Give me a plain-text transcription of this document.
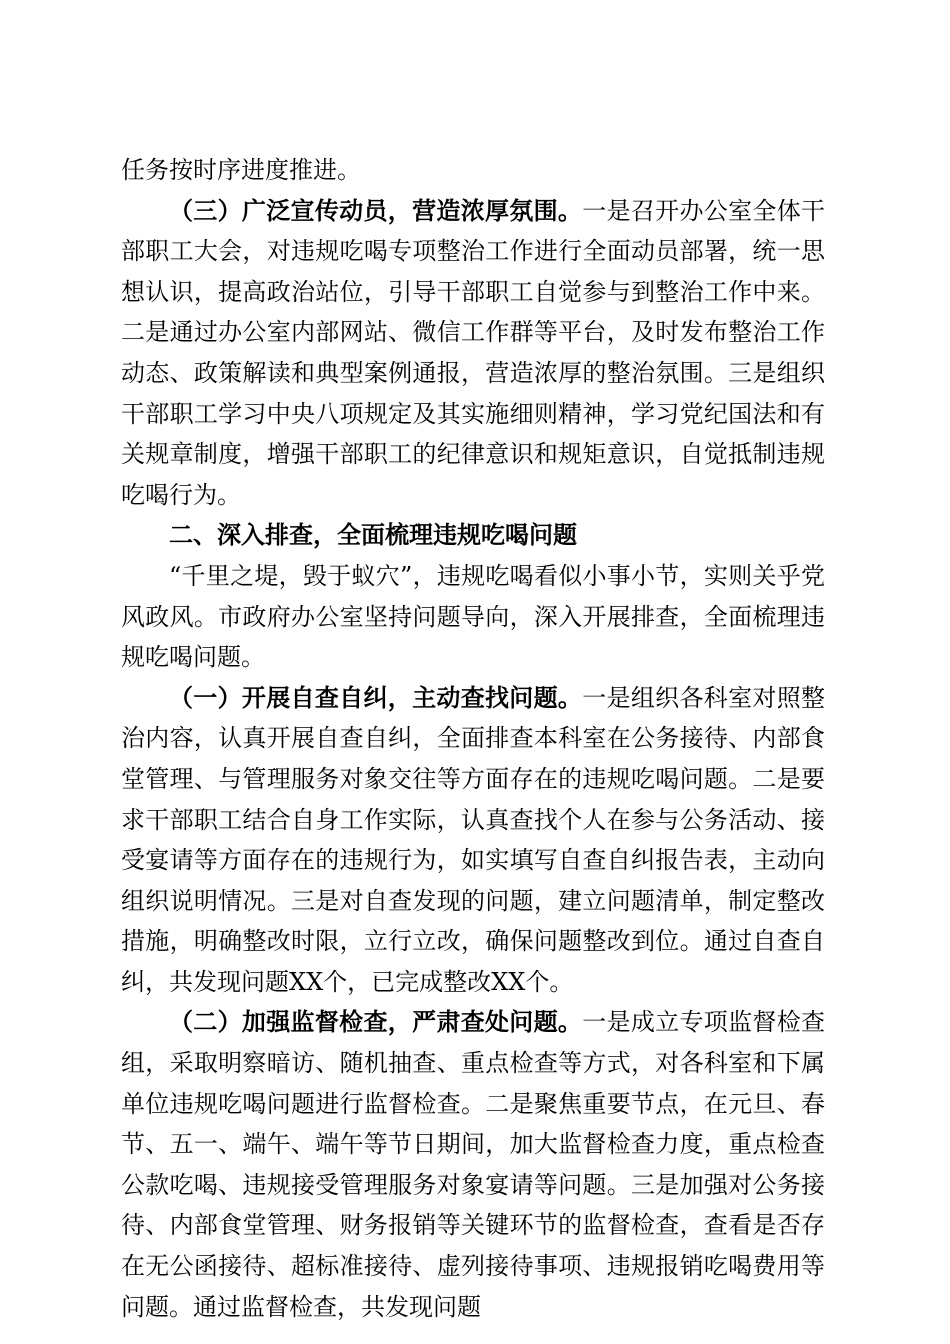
任务按时序进度推进。

（三）广泛宣传动员，营造浓厚氛围。一是召开办公室全体干部职工大会，对违规吃喝专项整治工作进行全面动员部署，统一思想认识，提高政治站位，引导干部职工自觉参与到整治工作中来。二是通过办公室内部网站、微信工作群等平台，及时发布整治工作动态、政策解读和典型案例通报，营造浓厚的整治氛围。三是组织干部职工学习中央八项规定及其实施细则精神，学习党纪国法和有关规章制度，增强干部职工的纪律意识和规矩意识，自觉抵制违规吃喝行为。

二、深入排查，全面梳理违规吃喝问题

“千里之堤，毁于蚁穴”，违规吃喝看似小事小节，实则关乎党风政风。市政府办公室坚持问题导向，深入开展排查，全面梳理违规吃喝问题。

（一）开展自查自纠，主动查找问题。一是组织各科室对照整治内容，认真开展自查自纠，全面排查本科室在公务接待、内部食堂管理、与管理服务对象交往等方面存在的违规吃喝问题。二是要求干部职工结合自身工作实际，认真查找个人在参与公务活动、接受宴请等方面存在的违规行为，如实填写自查自纠报告表，主动向组织说明情况。三是对自查发现的问题，建立问题清单，制定整改措施，明确整改时限，立行立改，确保问题整改到位。通过自查自纠，共发现问题XX个，已完成整改XX个。

（二）加强监督检查，严肃查处问题。一是成立专项监督检查组，采取明察暗访、随机抽查、重点检查等方式，对各科室和下属单位违规吃喝问题进行监督检查。二是聚焦重要节点，在元旦、春节、五一、端午、端午等节日期间，加大监督检查力度，重点检查公款吃喝、违规接受管理服务对象宴请等问题。三是加强对公务接待、内部食堂管理、财务报销等关键环节的监督检查，查看是否存在无公函接待、超标准接待、虚列接待事项、违规报销吃喝费用等问题。通过监督检查，共发现问题
